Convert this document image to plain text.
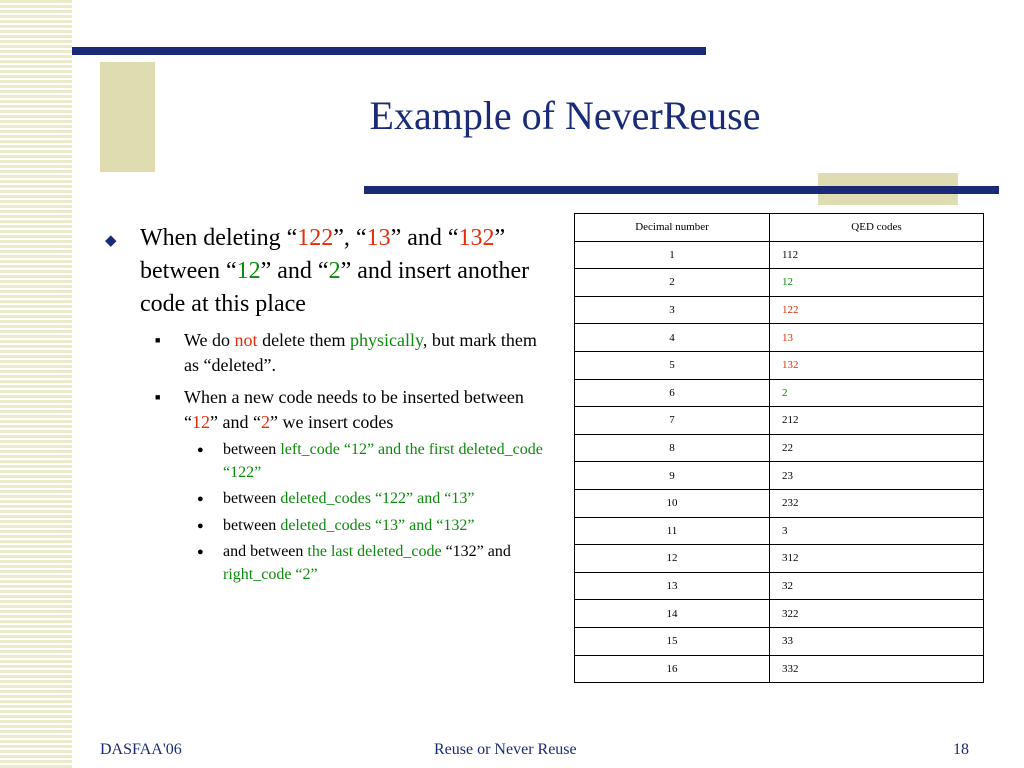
Example of NeverReuse
◆ When deleting “122”, “13” and “132” between “12” and “2” and insert another code at this place
■ We do not delete them physically, but mark them as “deleted”.
■ When a new code needs to be inserted between “12” and “2” we insert codes
● between left_code “12” and the first deleted_code “122”
● between deleted_codes “122” and “13”
● between deleted_codes “13” and “132”
● and between the last deleted_code “132” and right_code “2”
Decimal number	QED codes
1	112
2	12
3	122
4	13
5	132
6	2
7	212
8	22
9	23
10	232
11	3
12	312
13	32
14	322
15	33
16	332
DASFAA'06	Reuse or Never Reuse	18
